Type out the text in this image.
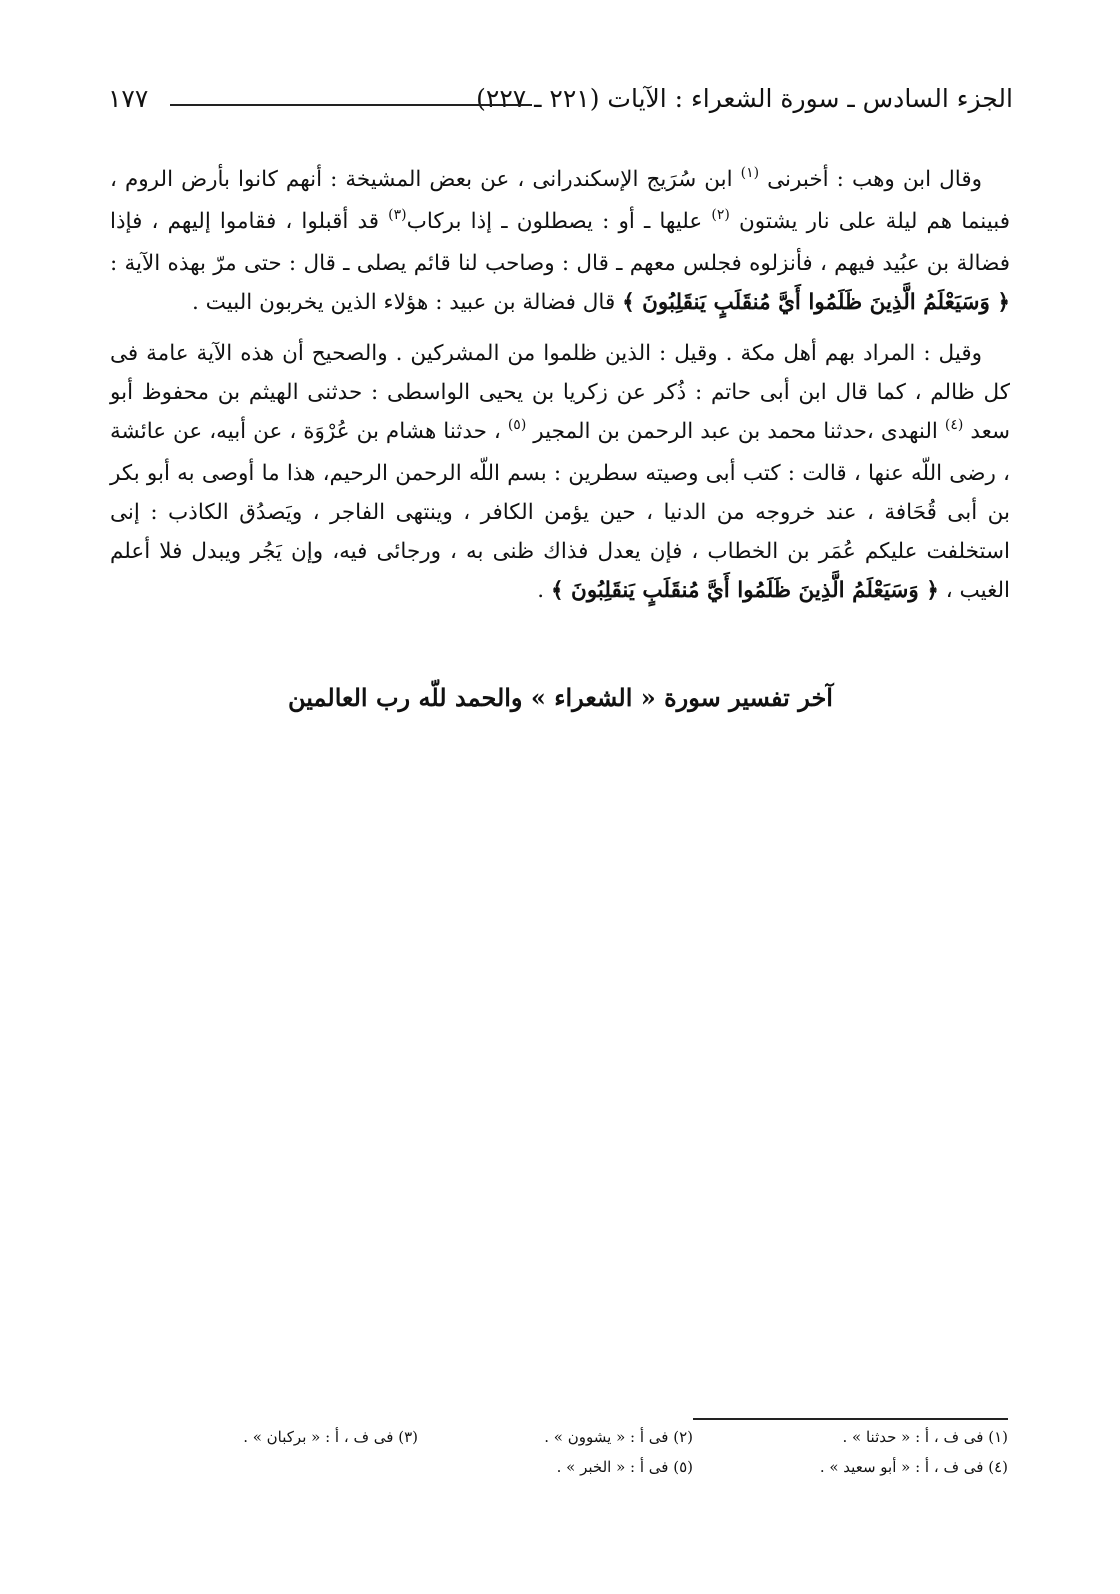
الجزء السادس ـ سورة الشعراء : الآيات (٢٢١ ـ ٢٢٧)
١٧٧

وقال ابن وهب : أخبرنى $^{(١)}$ ابن سُرَيج الإسكندرانى ، عن بعض المشيخة : أنهم كانوا بأرض الروم ، فبينما هم ليلة على نار يشتون $^{(٢)}$ عليها ـ أو : يصطلون ـ إذا بركاب$^{(٣)}$ قد أقبلوا ، فقاموا إليهم ، فإذا فضالة بن عبُيد فيهم ، فأنزلوه فجلس معهم ـ قال : وصاحب لنا قائم يصلى ـ قال : حتى مرّ بهذه الآية : ﴿ وَسَيَعْلَمُ الَّذِينَ ظَلَمُوا أَيَّ مُنقَلَبٍ يَنقَلِبُونَ ﴾ قال فضالة بن عبيد : هؤلاء الذين يخربون البيت .

وقيل : المراد بهم أهل مكة . وقيل : الذين ظلموا من المشركين . والصحيح أن هذه الآية عامة فى كل ظالم ، كما قال ابن أبى حاتم : ذُكر عن زكريا بن يحيى الواسطى : حدثنى الهيثم بن محفوظ أبو سعد $^{(٤)}$ النهدى ،حدثنا محمد بن عبد الرحمن بن المجير $^{(٥)}$ ، حدثنا هشام بن عُرْوَة ، عن أبيه، عن عائشة ، رضى اللّه عنها ، قالت : كتب أبى وصيته سطرين : بسم اللّه الرحمن الرحيم، هذا ما أوصى به أبو بكر بن أبى قُحَافة ، عند خروجه من الدنيا ، حين يؤمن الكافر ، وينتهى الفاجر ، ويَصدُق الكاذب : إنى استخلفت عليكم عُمَر بن الخطاب ، فإن يعدل فذاك ظنى به ، ورجائى فيه، وإن يَجُر ويبدل فلا أعلم الغيب ، ﴿ وَسَيَعْلَمُ الَّذِينَ ظَلَمُوا أَيَّ مُنقَلَبٍ يَنقَلِبُونَ ﴾ .

آخر تفسير سورة « الشعراء » والحمد للّه رب العالمين
(١) فى ف ، أ : « حدثنا » .
(٢) فى أ : « يشوون » .
(٣) فى ف ، أ : « بركبان » .
(٤) فى ف ، أ : « أبو سعيد » .
(٥) فى أ : « الخبر » .
